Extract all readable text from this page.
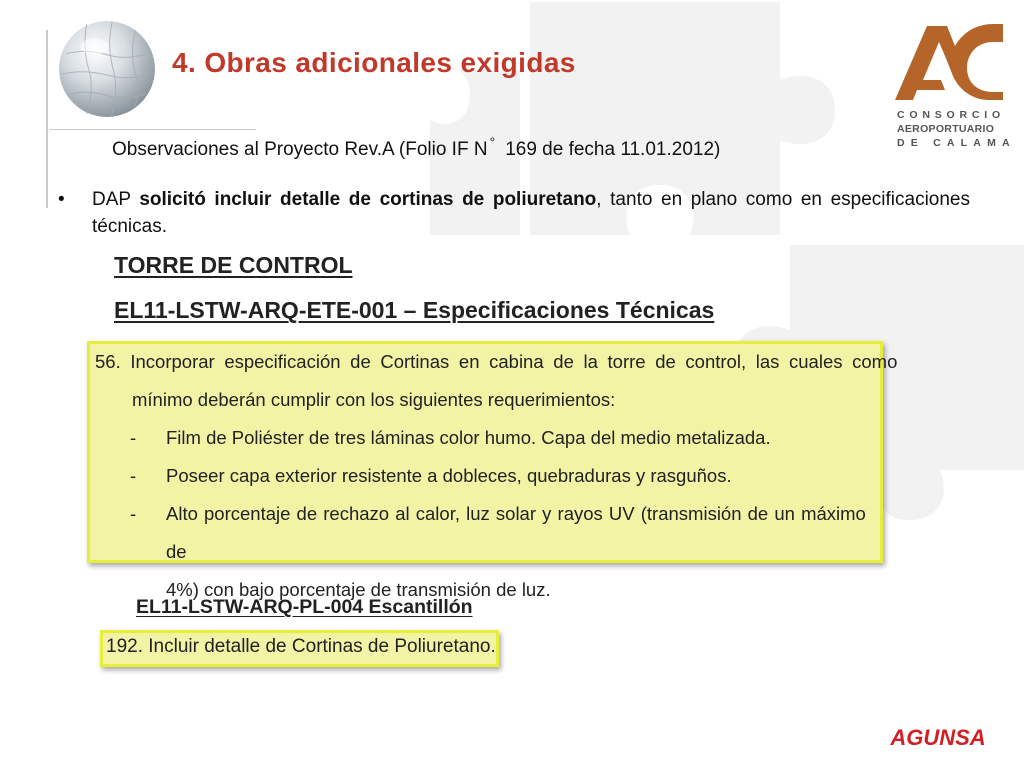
4. Obras adicionales exigidas
CONSORCIO
AEROPORTUARIO
DE CALAMA
Observaciones al Proyecto Rev.A (Folio IF N ° 169 de fecha 11.01.2012)
• DAP solicitó incluir detalle de cortinas de poliuretano, tanto en plano como en especificaciones técnicas.
TORRE DE CONTROL
EL11-LSTW-ARQ-ETE-001 – Especificaciones Técnicas
56. Incorporar especificación de Cortinas en cabina de la torre de control, las cuales como
mínimo deberán cumplir con los siguientes requerimientos:
-	Film de Poliéster de tres láminas color humo. Capa del medio metalizada.
-	Poseer capa exterior resistente a dobleces, quebraduras y rasguños.
-	Alto porcentaje de rechazo al calor, luz solar y rayos UV (transmisión de un máximo de
4%) con bajo porcentaje de transmisión de luz.
EL11-LSTW-ARQ-PL-004 Escantillón
192. Incluir detalle de Cortinas de Poliuretano.
AGUNSA
